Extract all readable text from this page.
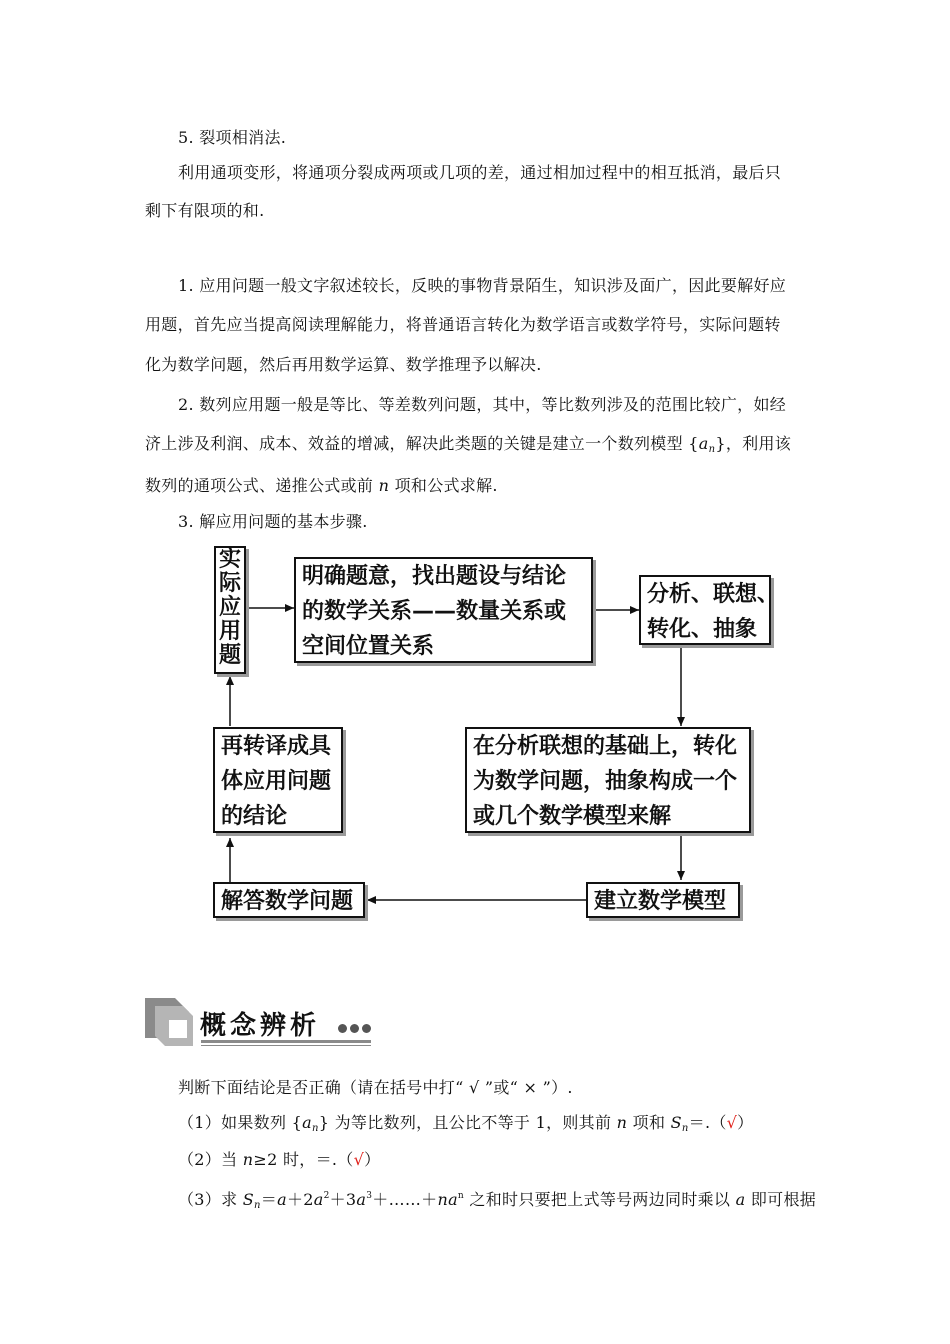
5. 裂项相消法.
利用通项变形，将通项分裂成两项或几项的差，通过相加过程中的相互抵消，最后只
剩下有限项的和.
1. 应用问题一般文字叙述较长，反映的事物背景陌生，知识涉及面广，因此要解好应
用题，首先应当提高阅读理解能力，将普通语言转化为数学语言或数学符号，实际问题转
化为数学问题，然后再用数学运算、数学推理予以解决.
2. 数列应用题一般是等比、等差数列问题，其中，等比数列涉及的范围比较广，如经
济上涉及利润、成本、效益的增减，解决此类题的关键是建立一个数列模型 $\{a_n\}$，利用该
数列的通项公式、递推公式或前 n 项和公式求解.
3. 解应用问题的基本步骤.
实
际
应
用
题
明确题意，找出题设与结论
的数学关系——数量关系或
空间位置关系
分析、联想、
转化、抽象
在分析联想的基础上，转化
为数学问题，抽象构成一个
或几个数学模型来解
建立数学模型
解答数学问题
再转译成具
体应用问题
的结论
概念辨析
判断下面结论是否正确（请在括号中打“ √ ”或“ × ”）.
（1）如果数列 $\{a_n\}$ 为等比数列，且公比不等于 1，则其前 n 项和 $S_n=.(√)$
（2）当 n≥2 时，＝.（√）
（3）求 $S_n=a+2a^2+3a^3+\dots\dots+na^n$ 之和时只要把上式等号两边同时乘以 a 即可根据
